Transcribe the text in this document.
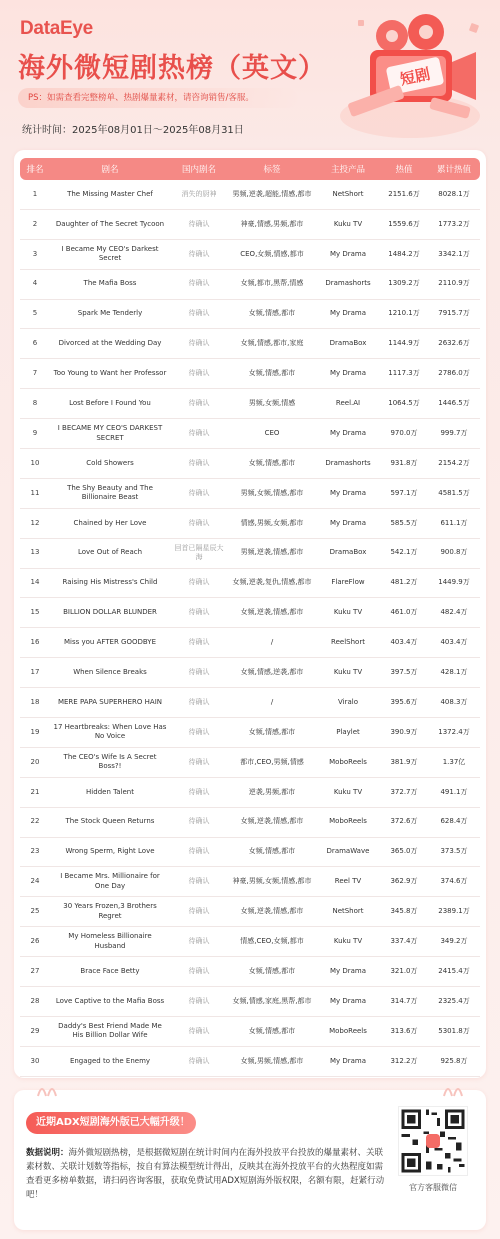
DataEye
海外微短剧热榜（英文）
PS：如需查看完整榜单、热剧爆量素材，请咨询销售/客服。
统计时间：2025年08月01日～2025年08月31日
短剧
排名	剧名	国内剧名	标签	主投产品	热值	累计热值
1	The Missing Master Chef	消失的厨神	男频,逆袭,超能,情感,都市	NetShort	2151.6万	8028.1万
2	Daughter of The Secret Tycoon	待确认	神豪,情感,男频,都市	Kuku TV	1559.6万	1773.2万
3	I Became My CEO's Darkest Secret	待确认	CEO,女频,情感,都市	My Drama	1484.2万	3342.1万
4	The Mafia Boss	待确认	女频,都市,黑帮,情感	Dramashorts	1309.2万	2110.9万
5	Spark Me Tenderly	待确认	女频,情感,都市	My Drama	1210.1万	7915.7万
6	Divorced at the Wedding Day	待确认	女频,情感,都市,家庭	DramaBox	1144.9万	2632.6万
7	Too Young to Want her Professor	待确认	女频,情感,都市	My Drama	1117.3万	2786.0万
8	Lost Before I Found You	待确认	男频,女频,情感	Reel.AI	1064.5万	1446.5万
9	I BECAME MY CEO'S DARKEST SECRET	待确认	CEO	My Drama	970.0万	999.7万
10	Cold Showers	待确认	女频,情感,都市	Dramashorts	931.8万	2154.2万
11	The Shy Beauty and The Billionaire Beast	待确认	男频,女频,情感,都市	My Drama	597.1万	4581.5万
12	Chained by Her Love	待确认	情感,男频,女频,都市	My Drama	585.5万	611.1万
13	Love Out of Reach	回首已隔星辰大海	男频,逆袭,情感,都市	DramaBox	542.1万	900.8万
14	Raising His Mistress's Child	待确认	女频,逆袭,复仇,情感,都市	FlareFlow	481.2万	1449.9万
15	BILLION DOLLAR BLUNDER	待确认	女频,逆袭,情感,都市	Kuku TV	461.0万	482.4万
16	Miss you AFTER GOODBYE	待确认	/	ReelShort	403.4万	403.4万
17	When Silence Breaks	待确认	女频,情感,逆袭,都市	Kuku TV	397.5万	428.1万
18	MERE PAPA SUPERHERO HAIN	待确认	/	Viralo	395.6万	408.3万
19	17 Heartbreaks: When Love Has No Voice	待确认	女频,情感,都市	Playlet	390.9万	1372.4万
20	The CEO's Wife Is A Secret Boss?!	待确认	都市,CEO,男频,情感	MoboReels	381.9万	1.37亿
21	Hidden Talent	待确认	逆袭,男频,都市	Kuku TV	372.7万	491.1万
22	The Stock Queen Returns	待确认	女频,逆袭,情感,都市	MoboReels	372.6万	628.4万
23	Wrong Sperm, Right Love	待确认	女频,情感,都市	DramaWave	365.0万	373.5万
24	I Became Mrs. Millionaire for One Day	待确认	神豪,男频,女频,情感,都市	Reel TV	362.9万	374.6万
25	30 Years Frozen,3 Brothers Regret	待确认	女频,逆袭,情感,都市	NetShort	345.8万	2389.1万
26	My Homeless Billionaire Husband	待确认	情感,CEO,女频,都市	Kuku TV	337.4万	349.2万
27	Brace Face Betty	待确认	女频,情感,都市	My Drama	321.0万	2415.4万
28	Love Captive to the Mafia Boss	待确认	女频,情感,家庭,黑帮,都市	My Drama	314.7万	2325.4万
29	Daddy's Best Friend Made Me His Billion Dollar Wife	待确认	女频,情感,都市	MoboReels	313.6万	5301.8万
30	Engaged to the Enemy	待确认	女频,男频,情感,都市	My Drama	312.2万	925.8万
近期ADX短剧海外版已大幅升级！
数据说明：海外微短剧热榜，是根据微短剧在统计时间内在海外投放平台投放的爆量素材、关联素材数、关联计划数等指标，按自有算法模型统计得出，反映其在海外投放平台的火热程度如需查看更多榜单数据，请扫码咨询客服，获取免费试用ADX短剧海外版权限，名额有限，赶紧行动吧！
官方客服微信
